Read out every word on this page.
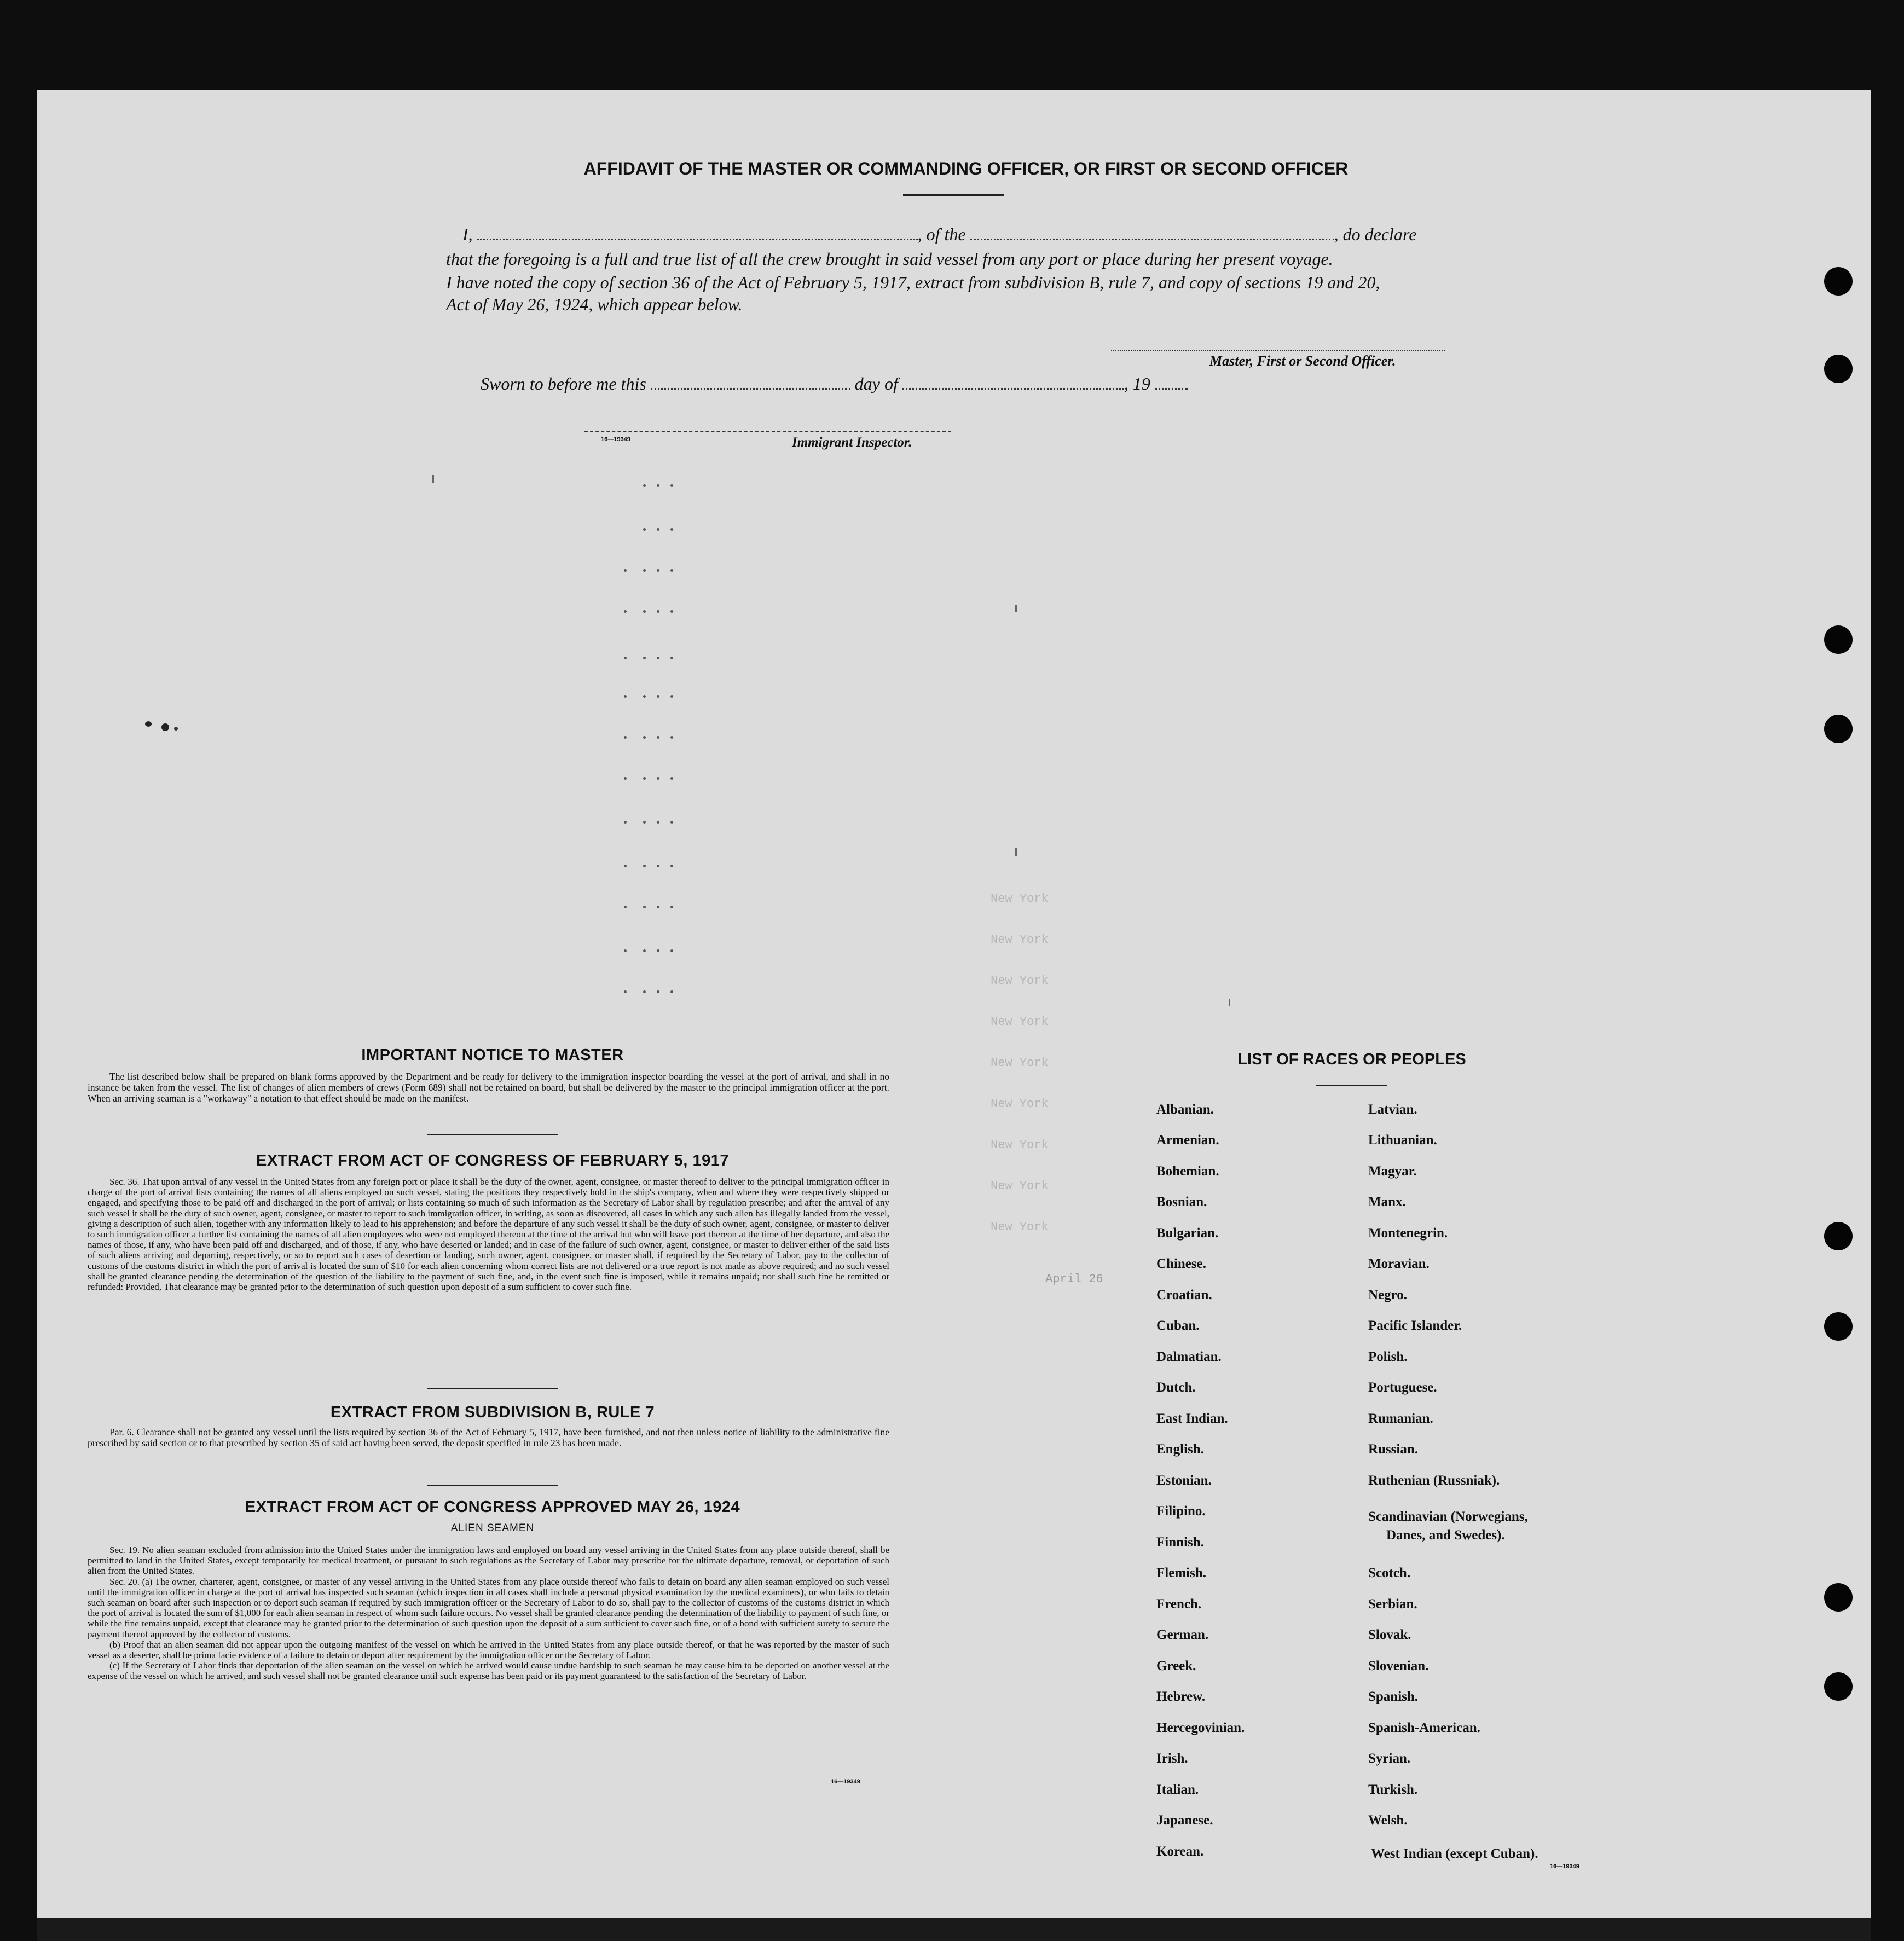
AFFIDAVIT OF THE MASTER OR COMMANDING OFFICER, OR FIRST OR SECOND OFFICER
I,	, of the	, do declare
that the foregoing is a full and true list of all the crew brought in said vessel from any port or place during her present voyage.
I have noted the copy of section 36 of the Act of February 5, 1917, extract from subdivision B, rule 7, and copy of sections 19 and 20,
Act of May 26, 1924, which appear below.
Master, First or Second Officer.
Sworn to before me this	day of	, 19
16—19349	Immigrant Inspector.
New York
New York
New York
New York
New York
New York
New York
New York
New York
April 26
IMPORTANT NOTICE TO MASTER

The list described below shall be prepared on blank forms approved by the Department and be ready for delivery to the immigration inspector boarding the vessel at the port of arrival, and shall in no instance be taken from the vessel. The list of changes of alien members of crews (Form 689) shall not be retained on board, but shall be delivered by the master to the principal immigration officer at the port. When an arriving seaman is a "workaway" a notation to that effect should be made on the manifest.

EXTRACT FROM ACT OF CONGRESS OF FEBRUARY 5, 1917

Sec. 36. That upon arrival of any vessel in the United States from any foreign port or place it shall be the duty of the owner, agent, consignee, or master thereof to deliver to the principal immigration officer in charge of the port of arrival lists containing the names of all aliens employed on such vessel, stating the positions they respectively hold in the ship's company, when and where they were respectively shipped or engaged, and specifying those to be paid off and discharged in the port of arrival; or lists containing so much of such information as the Secretary of Labor shall by regulation prescribe; and after the arrival of any such vessel it shall be the duty of such owner, agent, consignee, or master to report to such immigration officer, in writing, as soon as discovered, all cases in which any such alien has illegally landed from the vessel, giving a description of such alien, together with any information likely to lead to his apprehension; and before the departure of any such vessel it shall be the duty of such owner, agent, consignee, or master to deliver to such immigration officer a further list containing the names of all alien employees who were not employed thereon at the time of the arrival but who will leave port thereon at the time of her departure, and also the names of those, if any, who have been paid off and discharged, and of those, if any, who have deserted or landed; and in case of the failure of such owner, agent, consignee, or master to deliver either of the said lists of such aliens arriving and departing, respectively, or so to report such cases of desertion or landing, such owner, agent, consignee, or master shall, if required by the Secretary of Labor, pay to the collector of customs of the customs district in which the port of arrival is located the sum of $10 for each alien concerning whom correct lists are not delivered or a true report is not made as above required; and no such vessel shall be granted clearance pending the determination of the question of the liability to the payment of such fine, and, in the event such fine is imposed, while it remains unpaid; nor shall such fine be remitted or refunded: Provided, That clearance may be granted prior to the determination of such question upon deposit of a sum sufficient to cover such fine.

EXTRACT FROM SUBDIVISION B, RULE 7

Par. 6. Clearance shall not be granted any vessel until the lists required by section 36 of the Act of February 5, 1917, have been furnished, and not then unless notice of liability to the administrative fine prescribed by said section or to that prescribed by section 35 of said act having been served, the deposit specified in rule 23 has been made.

EXTRACT FROM ACT OF CONGRESS APPROVED MAY 26, 1924
ALIEN SEAMEN

Sec. 19. No alien seaman excluded from admission into the United States under the immigration laws and employed on board any vessel arriving in the United States from any place outside thereof, shall be permitted to land in the United States, except temporarily for medical treatment, or pursuant to such regulations as the Secretary of Labor may prescribe for the ultimate departure, removal, or deportation of such alien from the United States.

Sec. 20. (a) The owner, charterer, agent, consignee, or master of any vessel arriving in the United States from any place outside thereof who fails to detain on board any alien seaman employed on such vessel until the immigration officer in charge at the port of arrival has inspected such seaman (which inspection in all cases shall include a personal physical examination by the medical examiners), or who fails to detain such seaman on board after such inspection or to deport such seaman if required by such immigration officer or the Secretary of Labor to do so, shall pay to the collector of customs of the customs district in which the port of arrival is located the sum of $1,000 for each alien seaman in respect of whom such failure occurs. No vessel shall be granted clearance pending the determination of the liability to payment of such fine, or while the fine remains unpaid, except that clearance may be granted prior to the determination of such question upon the deposit of a sum sufficient to cover such fine, or of a bond with sufficient surety to secure the payment thereof approved by the collector of customs.

(b) Proof that an alien seaman did not appear upon the outgoing manifest of the vessel on which he arrived in the United States from any place outside thereof, or that he was reported by the master of such vessel as a deserter, shall be prima facie evidence of a failure to detain or deport after requirement by the immigration officer or the Secretary of Labor.

(c) If the Secretary of Labor finds that deportation of the alien seaman on the vessel on which he arrived would cause undue hardship to such seaman he may cause him to be deported on another vessel at the expense of the vessel on which he arrived, and such vessel shall not be granted clearance until such expense has been paid or its payment guaranteed to the satisfaction of the Secretary of Labor.

16—19349
LIST OF RACES OR PEOPLES
Albanian.
Armenian.
Bohemian.
Bosnian.
Bulgarian.
Chinese.
Croatian.
Cuban.
Dalmatian.
Dutch.
East Indian.
English.
Estonian.
Filipino.
Finnish.
Flemish.
French.
German.
Greek.
Hebrew.
Hercegovinian.
Irish.
Italian.
Japanese.
Korean.
Latvian.
Lithuanian.
Magyar.
Manx.
Montenegrin.
Moravian.
Negro.
Pacific Islander.
Polish.
Portuguese.
Rumanian.
Russian.
Ruthenian (Russniak).
Scandinavian (Norwegians,
Danes, and Swedes).
Scotch.
Serbian.
Slovak.
Slovenian.
Spanish.
Spanish-American.
Syrian.
Turkish.
Welsh.
West Indian (except Cuban).
16—19349
